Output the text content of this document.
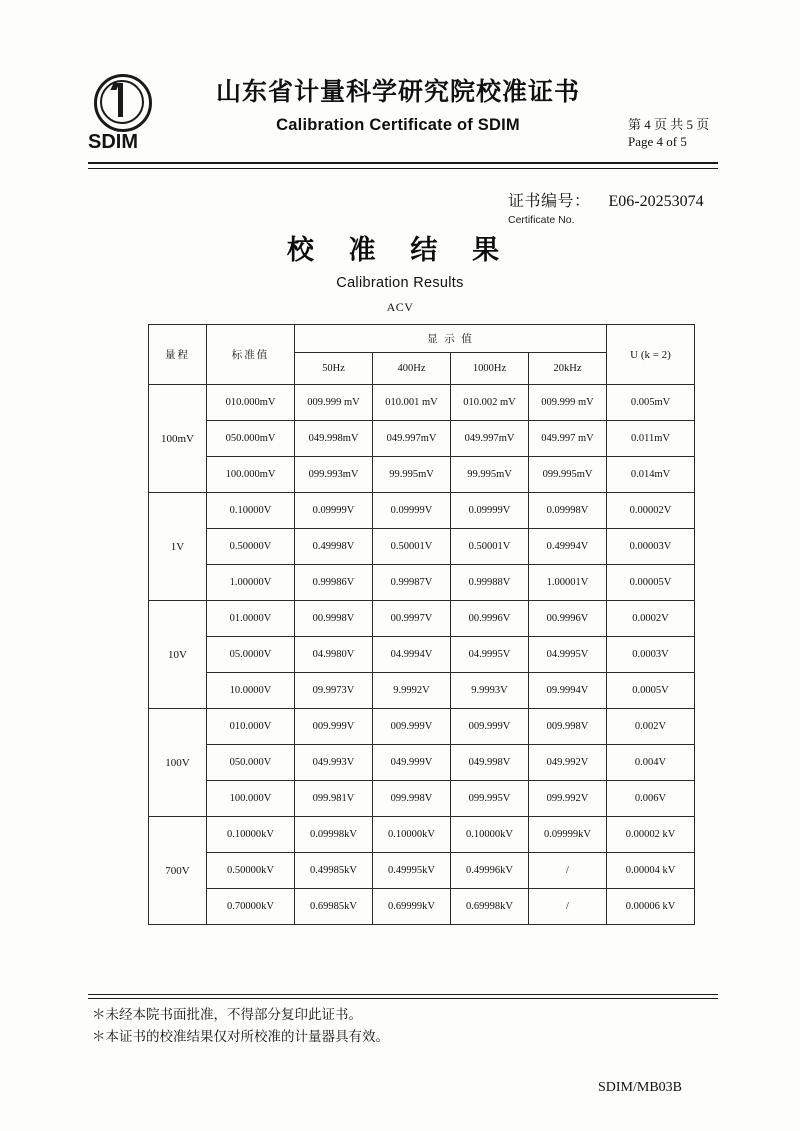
SDIM
山东省计量科学研究院校准证书
Calibration Certificate of SDIM	第 4 页 共 5 页
Page 4 of 5
证书编号： E06-20253074
Certificate No.
校 准 结 果
Calibration Results
ACV
量程	标准值	显 示 值				U (k = 2)
		50Hz	400Hz	1000Hz	20kHz	
100mV	010.000mV	009.999 mV	010.001 mV	010.002 mV	009.999 mV	0.005mV
	050.000mV	049.998mV	049.997mV	049.997mV	049.997 mV	0.011mV
	100.000mV	099.993mV	99.995mV	99.995mV	099.995mV	0.014mV
1V	0.10000V	0.09999V	0.09999V	0.09999V	0.09998V	0.00002V
	0.50000V	0.49998V	0.50001V	0.50001V	0.49994V	0.00003V
	1.00000V	0.99986V	0.99987V	0.99988V	1.00001V	0.00005V
10V	01.0000V	00.9998V	00.9997V	00.9996V	00.9996V	0.0002V
	05.0000V	04.9980V	04.9994V	04.9995V	04.9995V	0.0003V
	10.0000V	09.9973V	9.9992V	9.9993V	09.9994V	0.0005V
100V	010.000V	009.999V	009.999V	009.999V	009.998V	0.002V
	050.000V	049.993V	049.999V	049.998V	049.992V	0.004V
	100.000V	099.981V	099.998V	099.995V	099.992V	0.006V
700V	0.10000kV	0.09998kV	0.10000kV	0.10000kV	0.09999kV	0.00002 kV
	0.50000kV	0.49985kV	0.49995kV	0.49996kV	/	0.00004 kV
	0.70000kV	0.69985kV	0.69999kV	0.69998kV	/	0.00006 kV
＊未经本院书面批准，不得部分复印此证书。
＊本证书的校准结果仅对所校准的计量器具有效。
SDIM/MB03B
